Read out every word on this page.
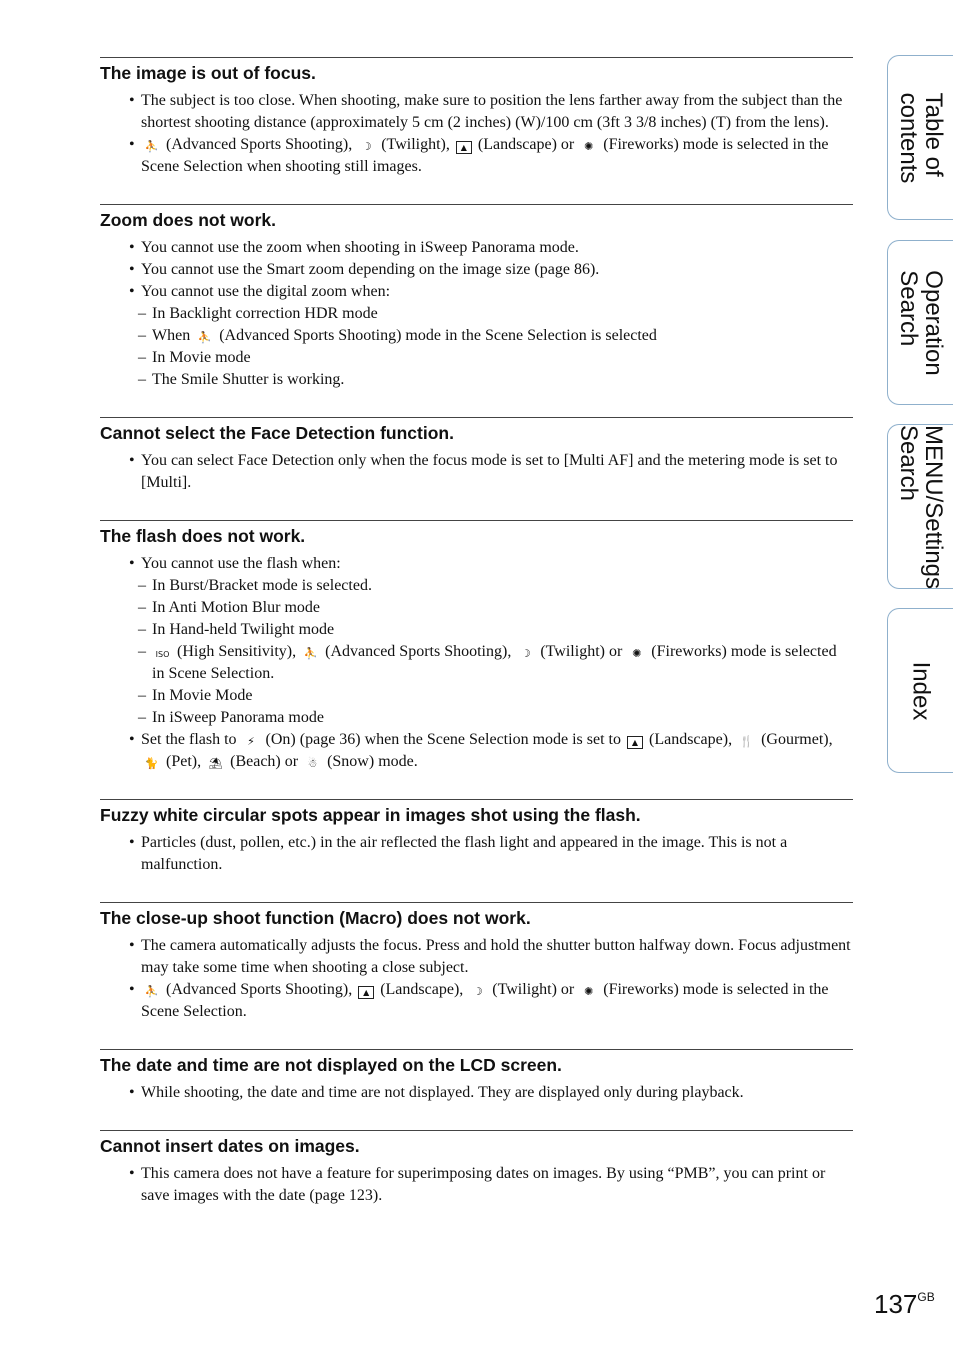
The image is out of focus.
• The subject is too close. When shooting, make sure to position the lens farther away from the subject than the shortest shooting distance (approximately 5 cm (2 inches) (W)/100 cm (3ft 3 3/8 inches) (T) from the lens).
• ⛹ (Advanced Sports Shooting), ☽ (Twilight), ▲ (Landscape) or ✺ (Fireworks) mode is selected in the Scene Selection when shooting still images.
Zoom does not work.
• You cannot use the zoom when shooting in iSweep Panorama mode.
• You cannot use the Smart zoom depending on the image size (page 86).
• You cannot use the digital zoom when:
– In Backlight correction HDR mode
– When ⛹ (Advanced Sports Shooting) mode in the Scene Selection is selected
– In Movie mode
– The Smile Shutter is working.
Cannot select the Face Detection function.
• You can select Face Detection only when the focus mode is set to [Multi AF] and the metering mode is set to [Multi].
The flash does not work.
• You cannot use the flash when:
– In Burst/Bracket mode is selected.
– In Anti Motion Blur mode
– In Hand-held Twilight mode
– ISO (High Sensitivity), ⛹ (Advanced Sports Shooting), ☽ (Twilight) or ✺ (Fireworks) mode is selected in Scene Selection.
– In Movie Mode
– In iSweep Panorama mode
• Set the flash to ⚡ (On) (page 36) when the Scene Selection mode is set to ▲ (Landscape), 🍴 (Gourmet), 🐈 (Pet), ⛱ (Beach) or ☃ (Snow) mode.
Fuzzy white circular spots appear in images shot using the flash.
• Particles (dust, pollen, etc.) in the air reflected the flash light and appeared in the image. This is not a malfunction.
The close-up shoot function (Macro) does not work.
• The camera automatically adjusts the focus. Press and hold the shutter button halfway down. Focus adjustment may take some time when shooting a close subject.
• ⛹ (Advanced Sports Shooting), ▲ (Landscape), ☽ (Twilight) or ✺ (Fireworks) mode is selected in the Scene Selection.
The date and time are not displayed on the LCD screen.
• While shooting, the date and time are not displayed. They are displayed only during playback.
Cannot insert dates on images.
• This camera does not have a feature for superimposing dates on images. By using “PMB”, you can print or save images with the date (page 123).
Table of
contents
Operation
Search
MENU/Settings
Search
Index
$137^{GB}$
